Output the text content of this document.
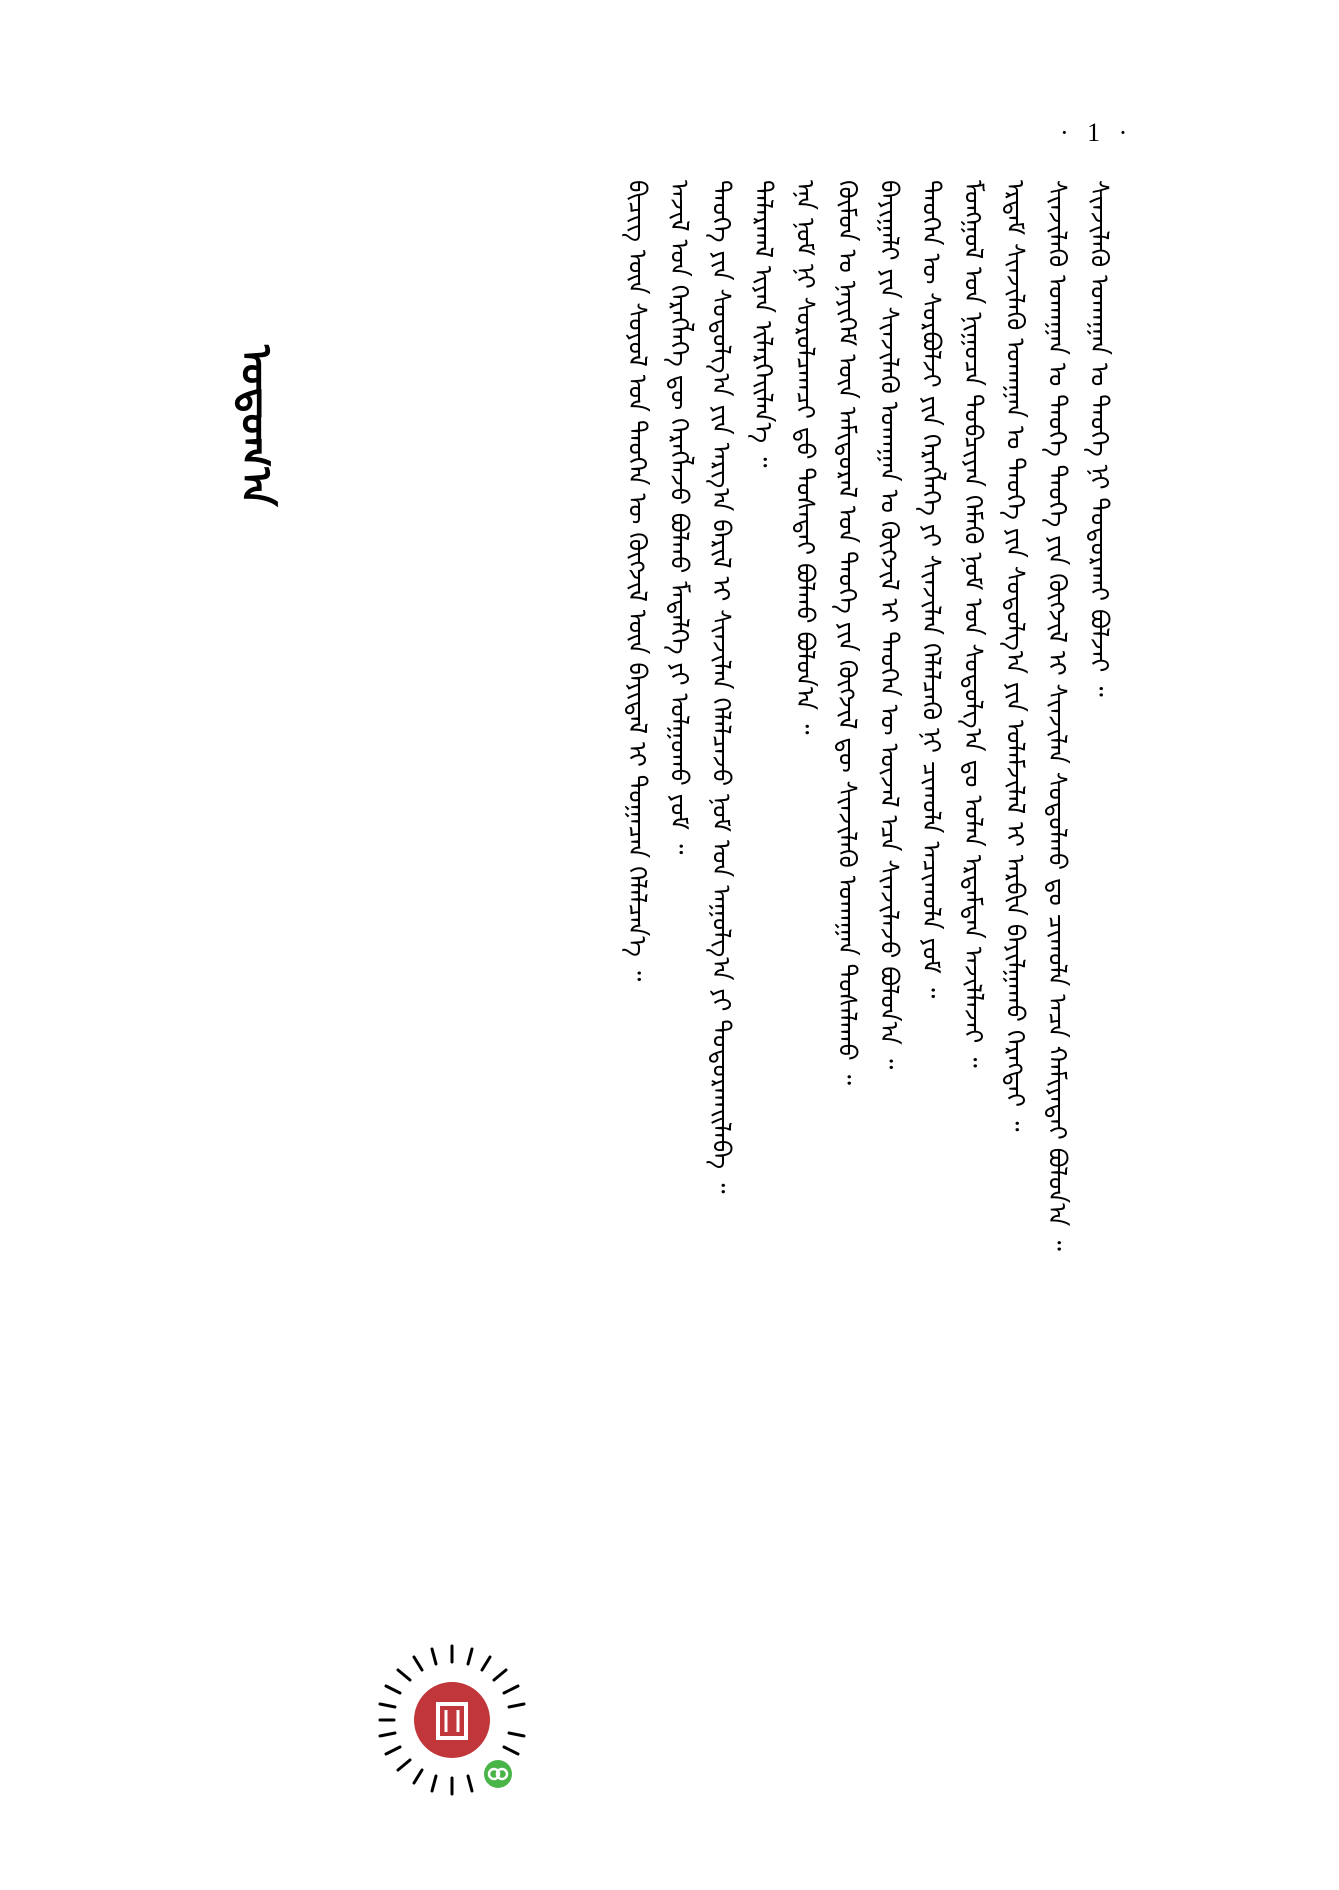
· 1 ·
ᠰᠢᠨᠵᠢᠯᠡᠬᠦ ᠤᠬᠠᠭᠠᠨ ᠤ ᠲᠡᠦᠬᠡ ᠨᠢ ᠲᠣᠳᠣᠷᠬᠠᠢ ᠪᠣᠯᠵᠠᠢ ᠃
ᠰᠢᠨᠵᠢᠯᠡᠬᠦ ᠤᠬᠠᠭᠠᠨ ᠤ ᠲᠡᠦᠬᠡ ᠲᠡᠦᠬᠡ ᠶᠢᠨ ᠬᠥᠭᠵᠢᠯ ᠢ ᠰᠢᠨᠵᠢᠯᠡᠨ ᠰᠤᠳᠤᠯᠬᠤ ᠳᠤ ᠴᠢᠬᠤᠯᠠ ᠠᠴᠠ ᠬᠠᠮᠢᠶᠠᠲᠠᠢ ᠪᠣᠯᠤᠨ᠎ᠠ ᠃
ᠡᠷᠳᠡᠮ ᠰᠢᠨᠵᠢᠯᠡᠬᠦ ᠤᠬᠠᠭᠠᠨ ᠤ ᠲᠡᠦᠬᠡ ᠶᠢᠨ ᠰᠤᠳᠤᠯᠭ᠎ᠠ ᠶᠢᠨ ᠤᠯᠠᠮᠵᠢᠯᠠᠯ ᠢ ᠠᠷᠪᠢᠨ ᠪᠠᠶᠢᠯᠭᠠᠬᠤ ᠬᠡᠷᠡᠭᠲᠡᠢ ᠃
ᠮᠣᠩᠭᠣᠯ ᠤᠨ ᠨᠢᠭᠤᠴᠠ ᠲᠣᠪᠴᠢᠶᠠᠨ ᠬᠡᠮᠡᠬᠦ ᠨᠣᠮ ᠤᠨ ᠰᠤᠳᠤᠯᠭ᠎ᠠ ᠳᠤ ᠣᠯᠠᠨ ᠡᠷᠳᠡᠮᠲᠡᠨ ᠠᠵᠢᠯᠯᠠᠵᠠᠢ ᠃
ᠲᠡᠦᠬᠡᠨ ᠦ ᠰᠤᠷᠪᠤᠯᠵᠢ ᠶᠢᠨ ᠬᠡᠷᠡᠭᠯᠡᠭᠡ ᠶᠢ ᠰᠢᠨᠵᠢᠯᠡᠨ ᠬᠡᠯᠡᠯᠴᠡᠬᠦ ᠨᠢ ᠴᠢᠬᠤᠯᠠ ᠠᠴᠢᠬᠤᠯᠠ ᠶᠤᠮ ᠃
ᠪᠠᠶᠢᠭᠠᠯᠢ ᠶᠢᠨ ᠰᠢᠨᠵᠢᠯᠡᠬᠦ ᠤᠬᠠᠭᠠᠨ ᠤ ᠬᠥᠭᠵᠢᠯ ᠢ ᠲᠡᠦᠬᠡᠨ ᠦ ᠦᠵᠡᠯ ᠡᠴᠡ ᠰᠢᠨᠵᠢᠯᠡᠵᠦ ᠪᠣᠯᠤᠨ᠎ᠠ ᠃
ᠬᠦᠮᠦᠨ ᠤ ᠨᠡᠶᠢᠭᠡᠮ ᠦᠨ ᠠᠮᠢᠳᠤᠷᠠᠯ ᠤᠨ ᠲᠡᠦᠬᠡ ᠶᠢᠨ ᠬᠥᠭᠵᠢᠯ ᠳᠦ ᠰᠢᠨᠵᠢᠯᠡᠬᠦ ᠤᠬᠠᠭᠠᠨ ᠲᠤᠰᠠᠯᠠᠬᠤ ᠃
ᠡᠨᠡ ᠨᠣᠮ ᠨᠢ ᠰᠤᠷᠤᠯᠴᠠᠭᠴᠢ ᠳ᠋ᠤ ᠲᠤᠰᠠᠲᠠᠢ ᠪᠣᠯᠬᠤ ᠪᠣᠯᠤᠨ᠎ᠠ ᠃
ᠲᠠᠯᠠᠷᠬᠠᠯ ᠢᠶᠠᠨ ᠢᠯᠡᠷᠬᠡᠢᠯᠡᠨ᠎ᠡ ᠃
ᠲᠡᠦᠬᠡ ᠶᠢᠨ ᠰᠤᠳᠤᠯᠭ᠎ᠠ ᠶᠢᠨ ᠠᠷᠭ᠎ᠠ ᠪᠠᠷᠢᠯ ᠢ ᠰᠢᠨᠵᠢᠯᠡᠨ ᠬᠡᠯᠡᠯᠴᠡᠵᠦ ᠨᠤᠮ ᠤᠨ ᠠᠭᠤᠯᠭ᠎ᠠ ᠶᠢ ᠲᠣᠳᠣᠷᠬᠠᠢᠯᠠᠪᠠ ᠃
ᠠᠵᠢᠯ ᠤᠨ ᠬᠡᠷᠡᠭᠯᠡᠭᠡ ᠳᠦ ᠬᠡᠷᠡᠭᠯᠡᠵᠦ ᠪᠣᠯᠬᠤ ᠮᠡᠳᠡᠯᠭᠡ ᠶᠢ ᠣᠯᠭᠣᠬᠤ ᠶᠤᠮ ᠃
ᠪᠢᠴᠢᠭ᠌ ᠦᠨ ᠰᠣᠶᠣᠯ ᠤᠨ ᠲᠡᠦᠬᠡᠨ ᠦ ᠬᠥᠭᠵᠢᠯ ᠦᠨ ᠪᠠᠶᠢᠳᠠᠯ ᠢ ᠲᠣᠭᠠᠴᠠᠨ ᠬᠡᠯᠡᠯᠴᠡᠨ᠎ᠡ ᠃
ᠣᠳᠣᠭ᠎ᠠ
